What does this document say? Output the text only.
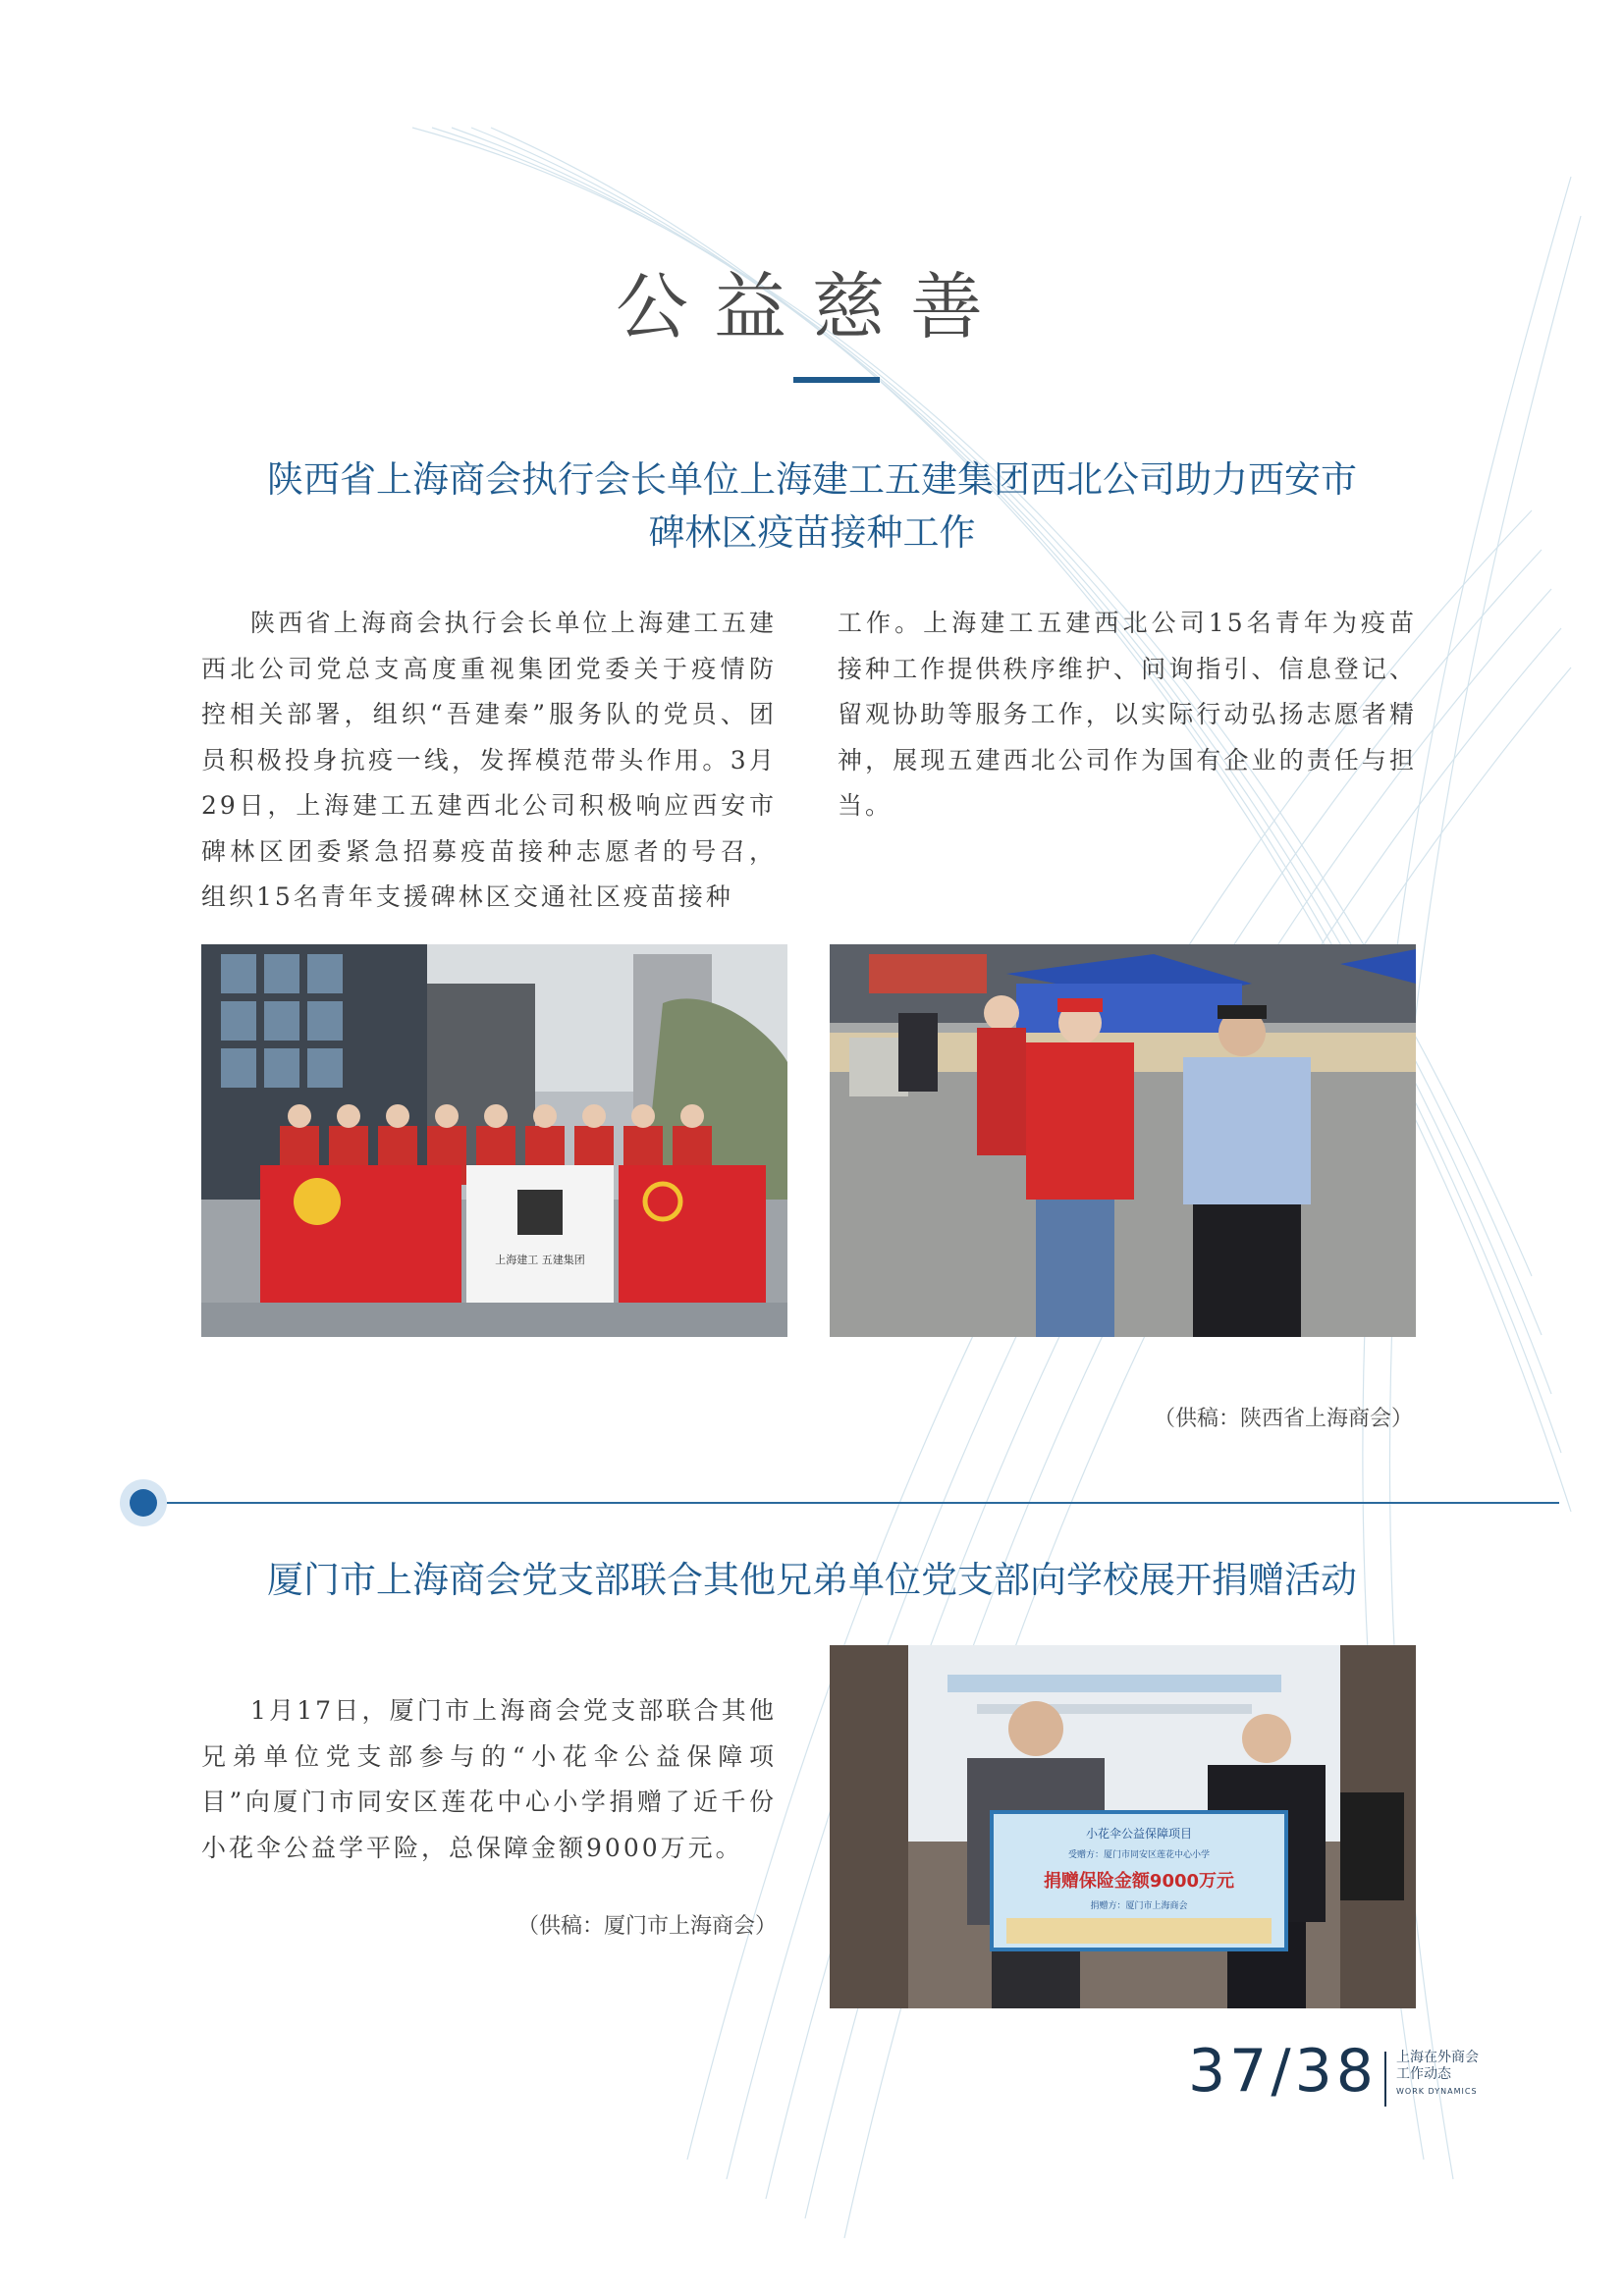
公益慈善
陕西省上海商会执行会长单位上海建工五建集团西北公司助力西安市
碑林区疫苗接种工作
陕西省上海商会执行会长单位上海建工五建西北公司党总支高度重视集团党委关于疫情防控相关部署，组织“吾建秦”服务队的党员、团员积极投身抗疫一线，发挥模范带头作用。3月29日，上海建工五建西北公司积极响应西安市碑林区团委紧急招募疫苗接种志愿者的号召，组织15名青年支援碑林区交通社区疫苗接种
工作。上海建工五建西北公司15名青年为疫苗接种工作提供秩序维护、问询指引、信息登记、留观协助等服务工作，以实际行动弘扬志愿者精神，展现五建西北公司作为国有企业的责任与担当。
上海建工 五建集团
（供稿：陕西省上海商会）
厦门市上海商会党支部联合其他兄弟单位党支部向学校展开捐赠活动
1月17日，厦门市上海商会党支部联合其他兄弟单位党支部参与的“小花伞公益保障项目”向厦门市同安区莲花中心小学捐赠了近千份小花伞公益学平险，总保障金额9000万元。
（供稿：厦门市上海商会）
小花伞公益保障项目
受赠方：厦门市同安区莲花中心小学
捐赠保险金额9000万元
捐赠方：厦门市上海商会
37/38 上海在外商会
工作动态
WORK DYNAMICS
